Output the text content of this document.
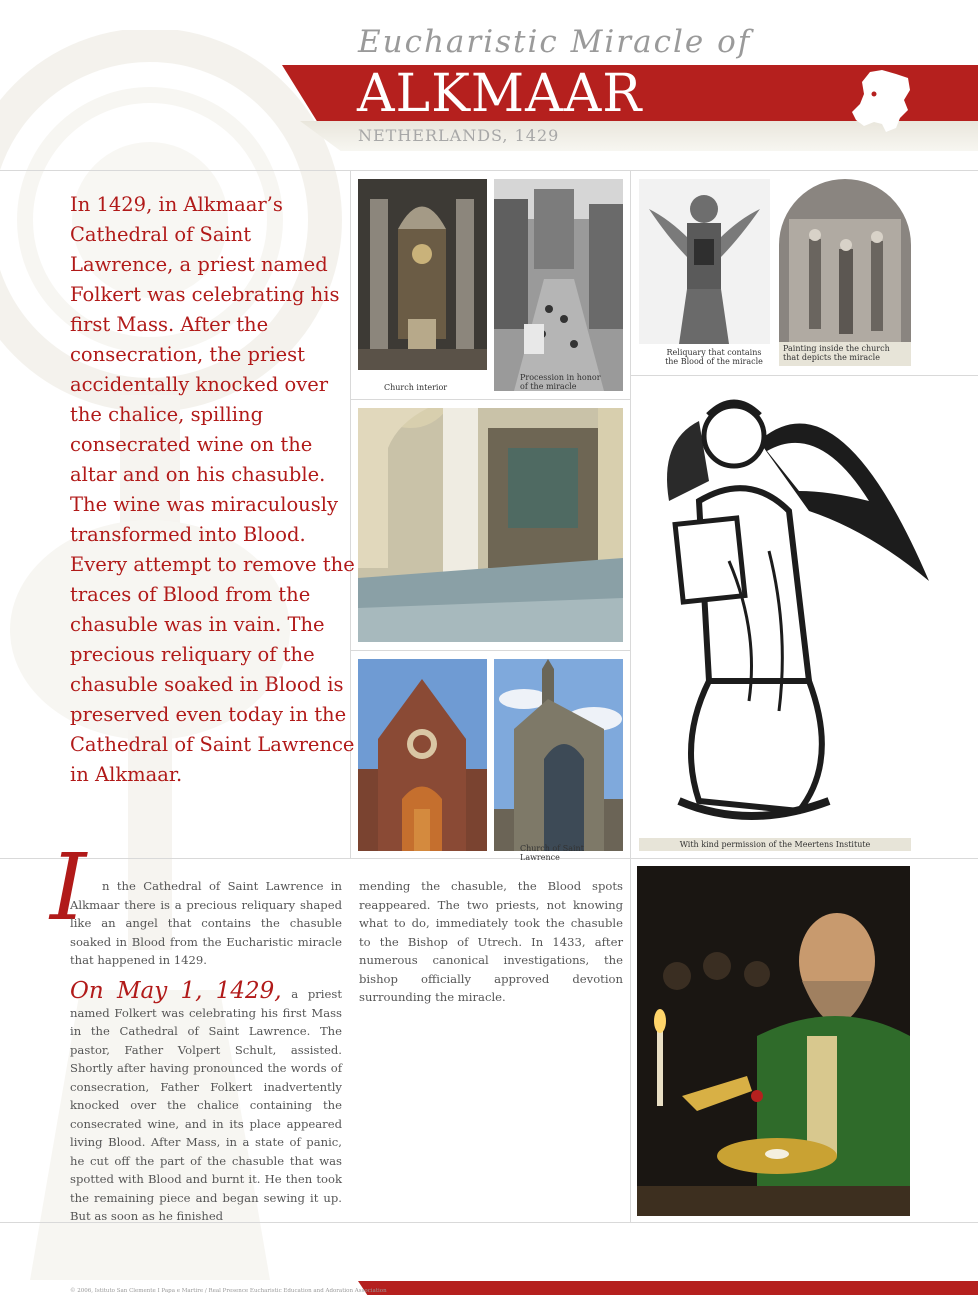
Eucharistic Miracle of
ALKMAAR
NETHERLANDS, 1429

In 1429, in Alkmaar’s Cathedral of Saint Lawrence, a priest named Folkert was celebrating his first Mass. After the consecration, the priest accidentally knocked over the chalice, spilling consecrated wine on the altar and on his chasuble. The wine was miraculously transformed into Blood. Every attempt to remove the traces of Blood from the chasuble was in vain. The precious reliquary of the chasuble soaked in Blood is preserved even today in the Cathedral of Saint Lawrence in Alkmaar.

Church interior
Procession in honor of the miracle
Reliquary that contains the Blood of the miracle
Painting inside the church that depicts the miracle
Church of Saint Lawrence
With kind permission of the Meertens Institute
I	n the Cathedral of Saint Lawrence in Alkmaar there is a precious reliquary shaped like an angel that contains the chasuble soaked in Blood from the Eucharistic miracle that happened in 1429.

On May 1, 1429, a priest named Folkert was celebrating his first Mass in the Cathedral of Saint Lawrence. The pastor, Father Volpert Schult, assisted. Shortly after having pronounced the words of consecration, Father Folkert inadvertently knocked over the chalice containing the consecrated wine, and in its place appeared living Blood. After Mass, in a state of panic, he cut off the part of the chasuble that was spotted with Blood and burnt it. He then took the remaining piece and began sewing it up. But as soon as he finished

mending the chasuble, the Blood spots reappeared. The two priests, not knowing what to do, immediately took the chasuble to the Bishop of Utrech. In 1433, after numerous canonical investigations, the bishop officially approved devotion surrounding the miracle.

© 2006, Istituto San Clemente I Papa e Martire / Real Presence Eucharistic Education and Adoration Association
